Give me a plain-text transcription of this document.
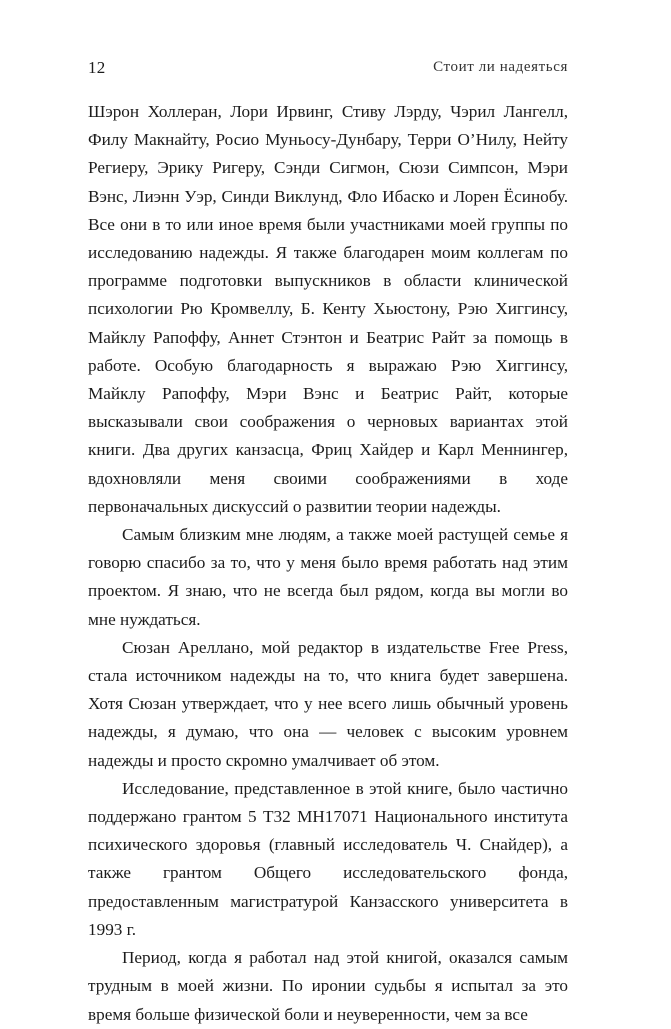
12	Стоит ли надеяться

Шэрон Холлеран, Лори Ирвинг, Стиву Лэрду, Чэрил Лангелл, Филу Макнайту, Росио Муньосу-Дунбару, Терри О’Нилу, Нейту Региеру, Эрику Ригеру, Сэнди Сигмон, Сюзи Симпсон, Мэри Вэнс, Лиэнн Уэр, Синди Виклунд, Фло Ибаско и Лорен Ёсинобу. Все они в то или иное время были участниками моей группы по исследованию надежды. Я также благодарен моим коллегам по программе подготовки выпускников в области клинической психологии Рю Кромвеллу, Б. Кенту Хьюстону, Рэю Хиггинсу, Майклу Рапоффу, Аннет Стэнтон и Беатрис Райт за помощь в работе. Особую благодарность я выражаю Рэю Хиггинсу, Майклу Рапоффу, Мэри Вэнс и Беатрис Райт, которые высказывали свои соображения о черновых вариантах этой книги. Два других канзасца, Фриц Хайдер и Карл Меннингер, вдохновляли меня своими соображениями в ходе первоначальных дискуссий о развитии теории надежды.

Самым близким мне людям, а также моей растущей семье я говорю спасибо за то, что у меня было время работать над этим проектом. Я знаю, что не всегда был рядом, когда вы могли во мне нуждаться.

Сюзан Ареллано, мой редактор в издательстве Free Press, стала источником надежды на то, что книга будет завершена. Хотя Сюзан утверждает, что у нее всего лишь обычный уровень надежды, я думаю, что она — человек с высоким уровнем надежды и просто скромно умалчивает об этом.

Исследование, представленное в этой книге, было частично поддержано грантом 5 T32 MH17071 Национального института психического здоровья (главный исследователь Ч. Снайдер), а также грантом Общего исследовательского фонда, предоставленным магистратурой Канзасского университета в 1993 г.

Период, когда я работал над этой книгой, оказался самым трудным в моей жизни. По иронии судьбы я испытал за это время больше физической боли и неуверенности, чем за все
